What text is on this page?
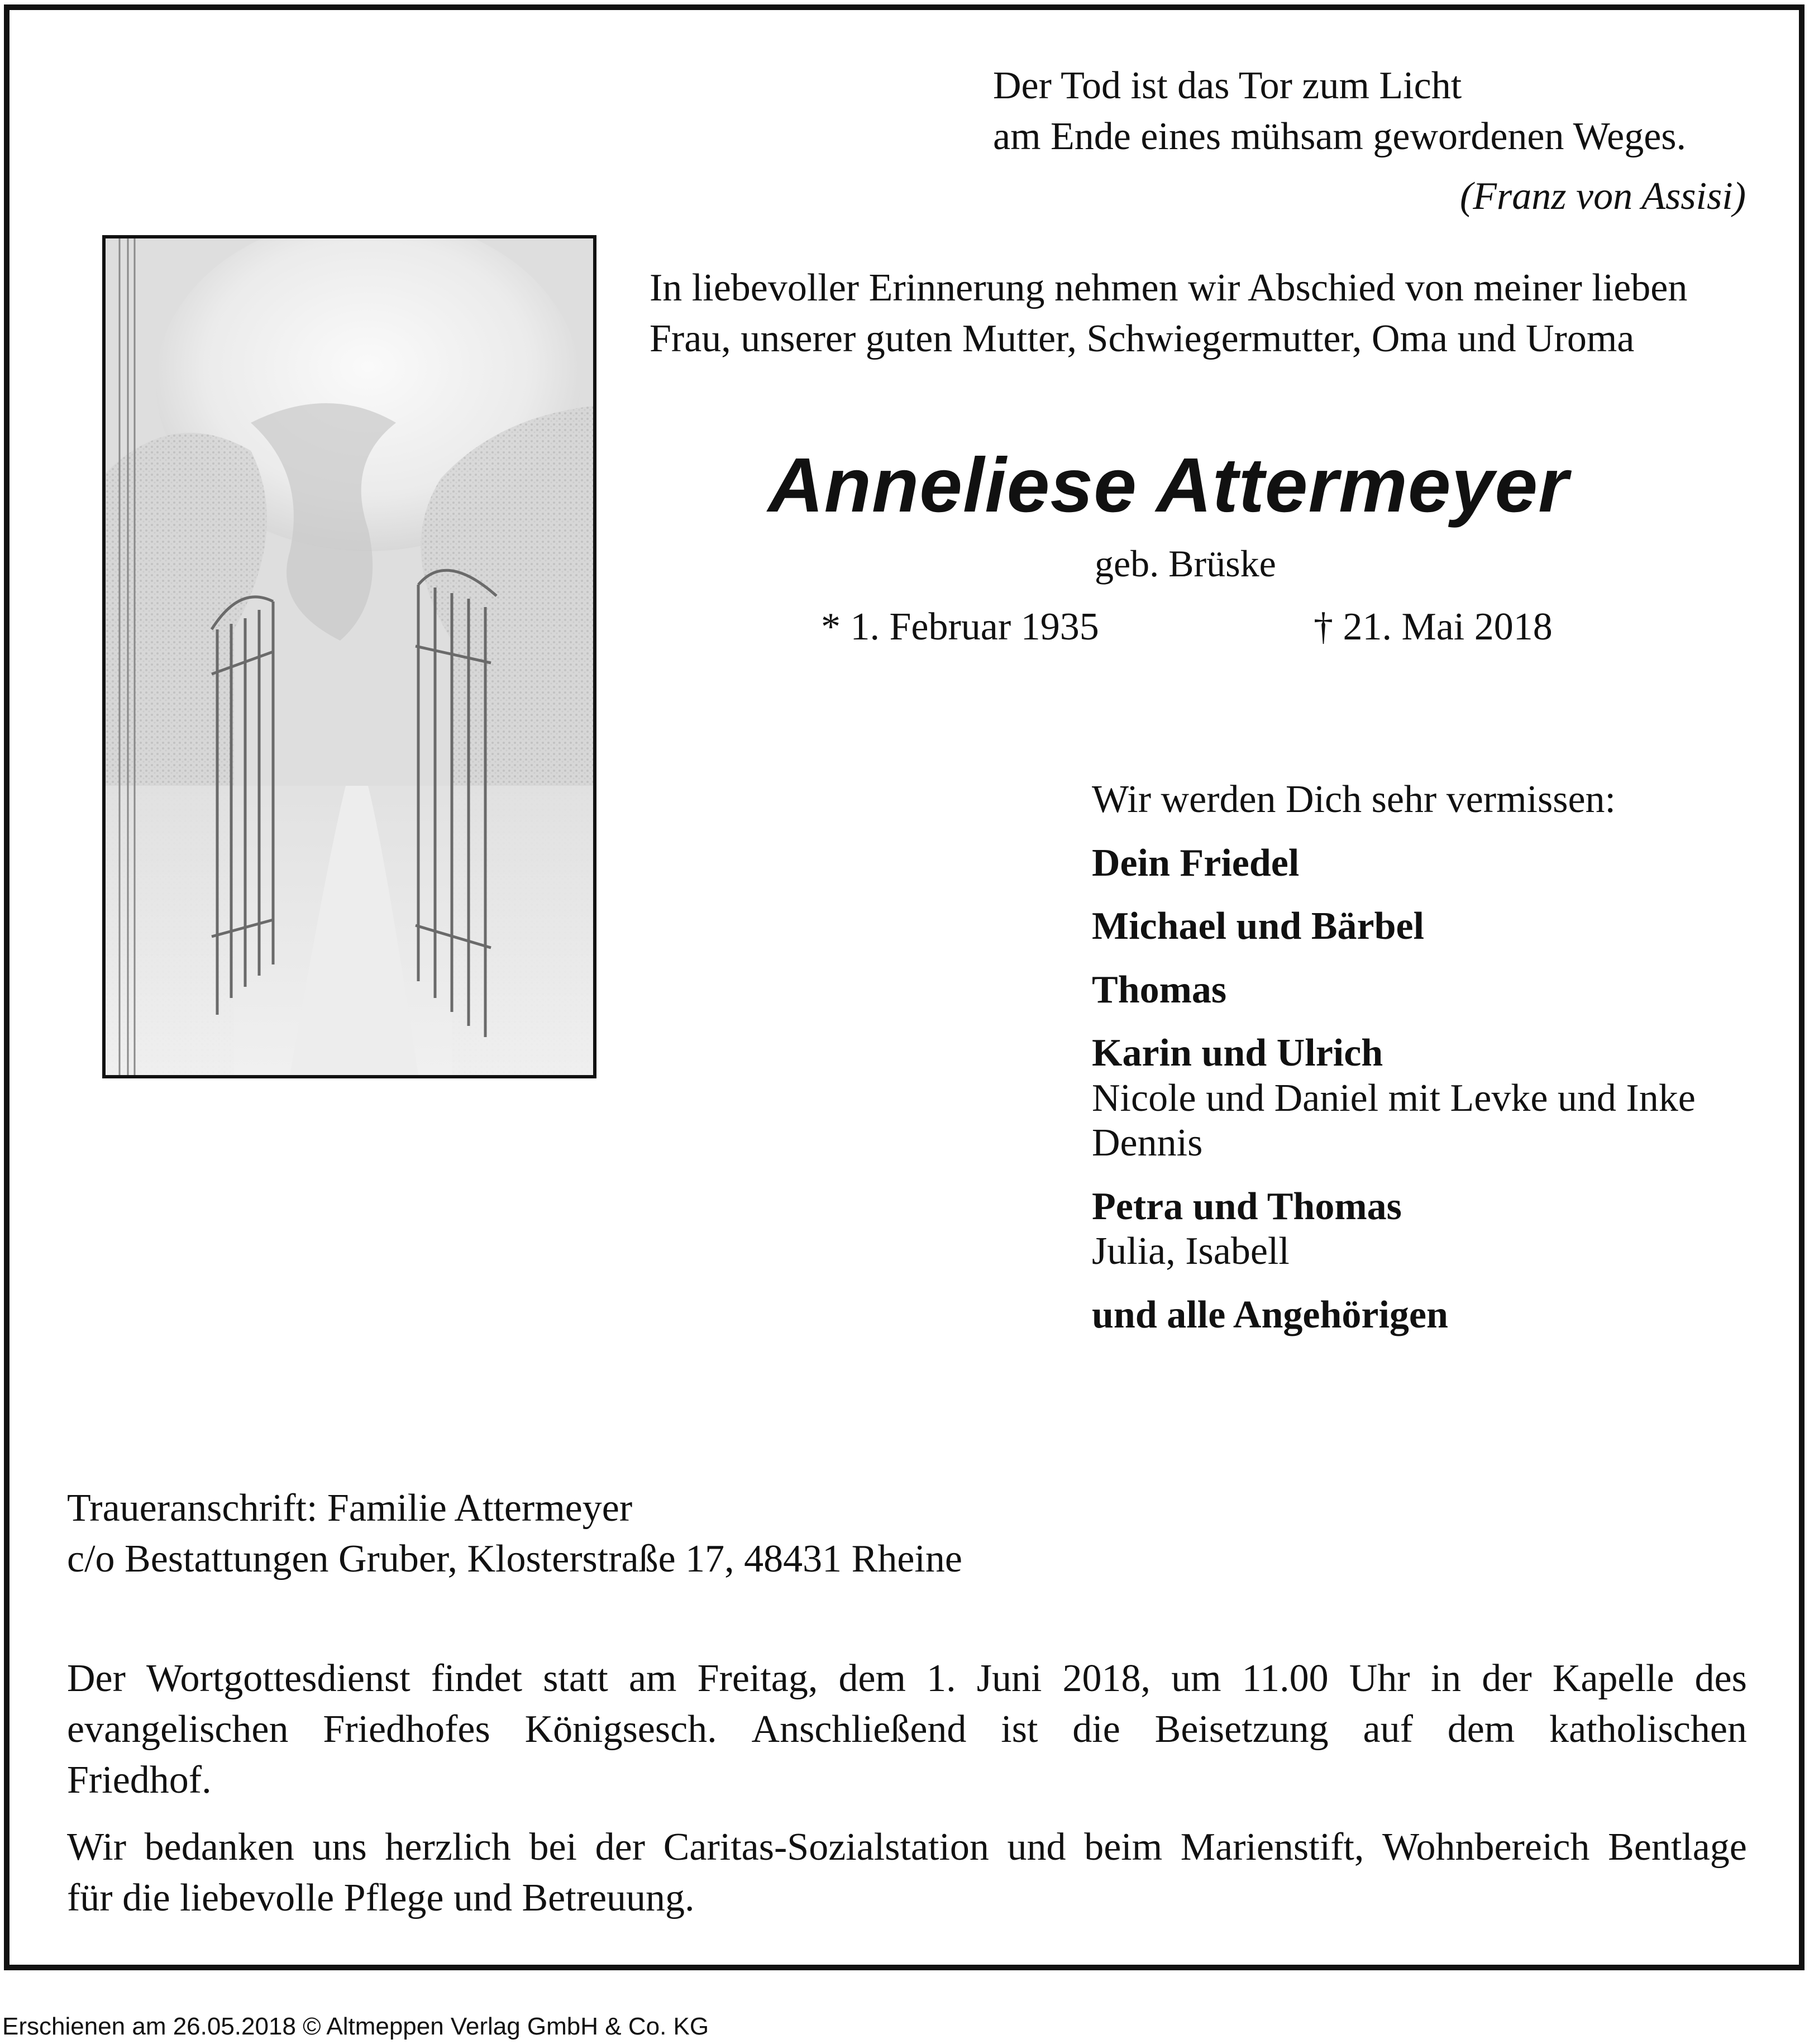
Der Tod ist das Tor zum Licht
am Ende eines mühsam gewordenen Weges.
(Franz von Assisi)
In liebevoller Erinnerung nehmen wir Abschied von meiner lieben
Frau, unserer guten Mutter, Schwiegermutter, Oma und Uroma
Anneliese Attermeyer
geb. Brüske
* 1. Februar 1935	† 21. Mai 2018
Wir werden Dich sehr vermissen:
Dein Friedel
Michael und Bärbel
Thomas
Karin und Ulrich
Nicole und Daniel mit Levke und Inke
Dennis
Petra und Thomas
Julia, Isabell
und alle Angehörigen
Traueranschrift: Familie Attermeyer
c/o Bestattungen Gruber, Klosterstraße 17, 48431 Rheine
Der Wortgottesdienst findet statt am Freitag, dem 1. Juni 2018, um 11.00 Uhr in der Kapelle des
evangelischen Friedhofes Königsesch. Anschließend ist die Beisetzung auf dem katholischen
Friedhof.
Wir bedanken uns herzlich bei der Caritas-Sozialstation und beim Marienstift, Wohnbereich Bentlage
für die liebevolle Pflege und Betreuung.
Erschienen am 26.05.2018 © Altmeppen Verlag GmbH & Co. KG
